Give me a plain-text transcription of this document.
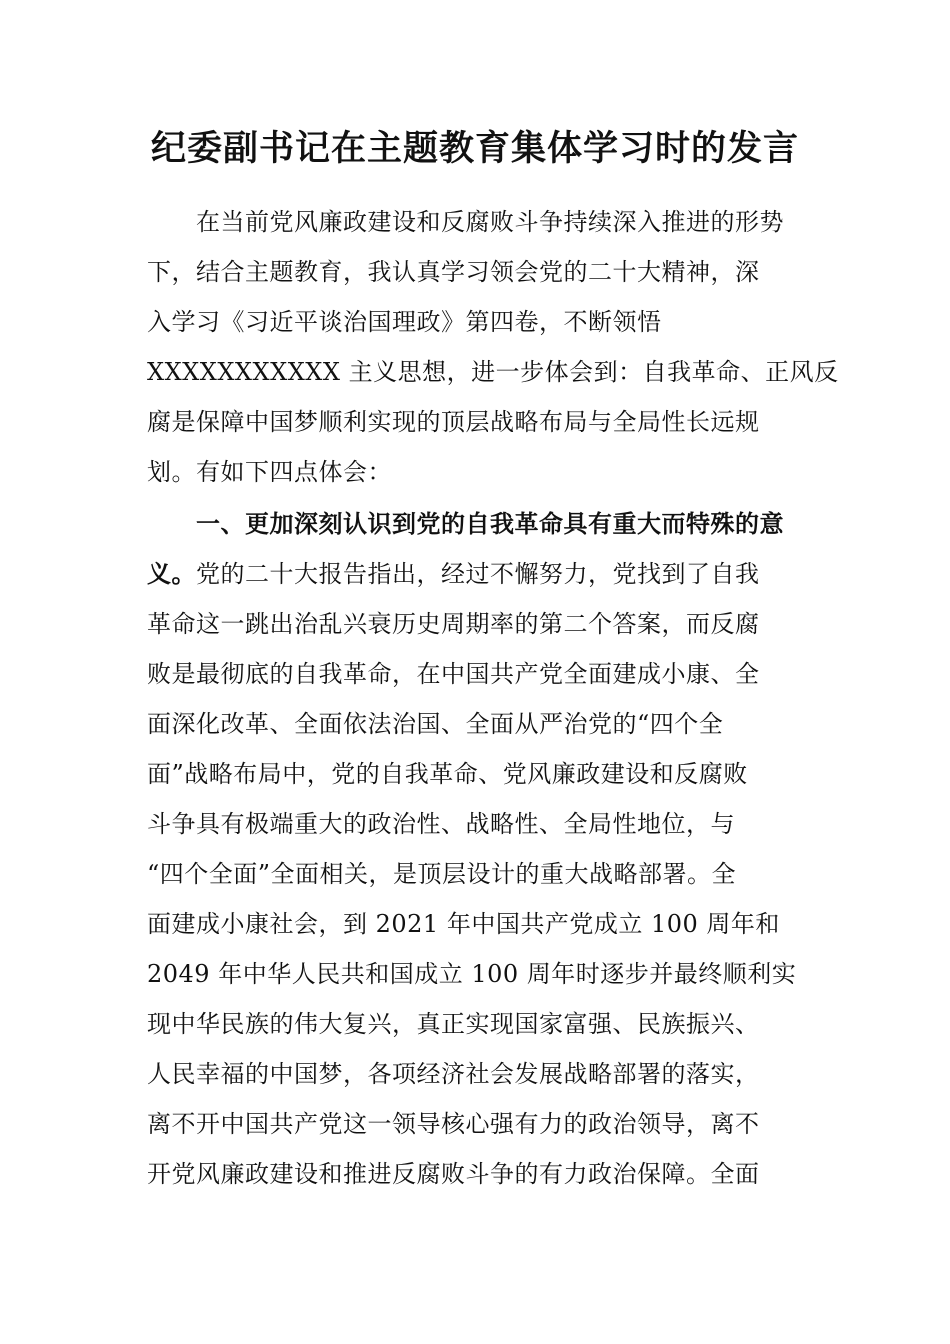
纪委副书记在主题教育集体学习时的发言
　　在当前党风廉政建设和反腐败斗争持续深入推进的形势
下，结合主题教育，我认真学习领会党的二十大精神，深
入学习《习近平谈治国理政》第四卷，不断领悟
XXXXXXXXXXX 主义思想，进一步体会到：自我革命、正风反
腐是保障中国梦顺利实现的顶层战略布局与全局性长远规
划。有如下四点体会：
　　一、更加深刻认识到党的自我革命具有重大而特殊的意
义。党的二十大报告指出，经过不懈努力，党找到了自我
革命这一跳出治乱兴衰历史周期率的第二个答案，而反腐
败是最彻底的自我革命，在中国共产党全面建成小康、全
面深化改革、全面依法治国、全面从严治党的“四个全
面”战略布局中，党的自我革命、党风廉政建设和反腐败
斗争具有极端重大的政治性、战略性、全局性地位，与
“四个全面”全面相关，是顶层设计的重大战略部署。全
面建成小康社会，到 2021 年中国共产党成立 100 周年和
2049 年中华人民共和国成立 100 周年时逐步并最终顺利实
现中华民族的伟大复兴，真正实现国家富强、民族振兴、
人民幸福的中国梦，各项经济社会发展战略部署的落实，
离不开中国共产党这一领导核心强有力的政治领导，离不
开党风廉政建设和推进反腐败斗争的有力政治保障。全面
